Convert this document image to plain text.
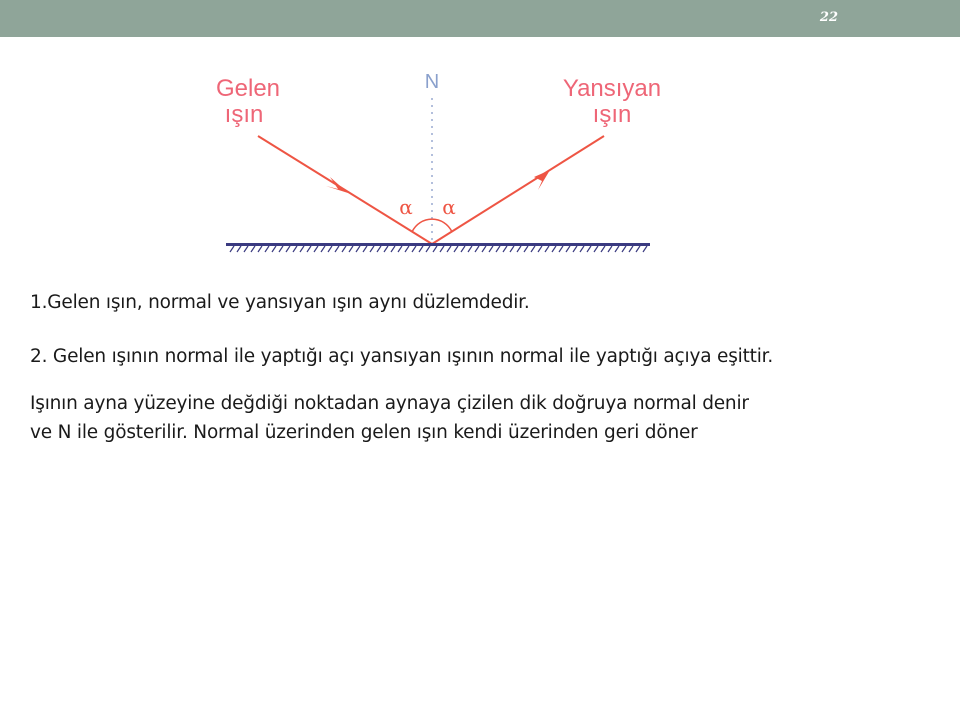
22
Gelen
ışın
N	Yansıyan
ışın
α α
1.Gelen ışın, normal ve yansıyan ışın aynı düzlemdedir.
2. Gelen ışının normal ile yaptığı açı yansıyan ışının normal ile yaptığı açıya eşittir.
Işının ayna yüzeyine değdiği noktadan aynaya çizilen dik doğruya normal denir
ve N ile gösterilir. Normal üzerinden gelen ışın kendi üzerinden geri döner
